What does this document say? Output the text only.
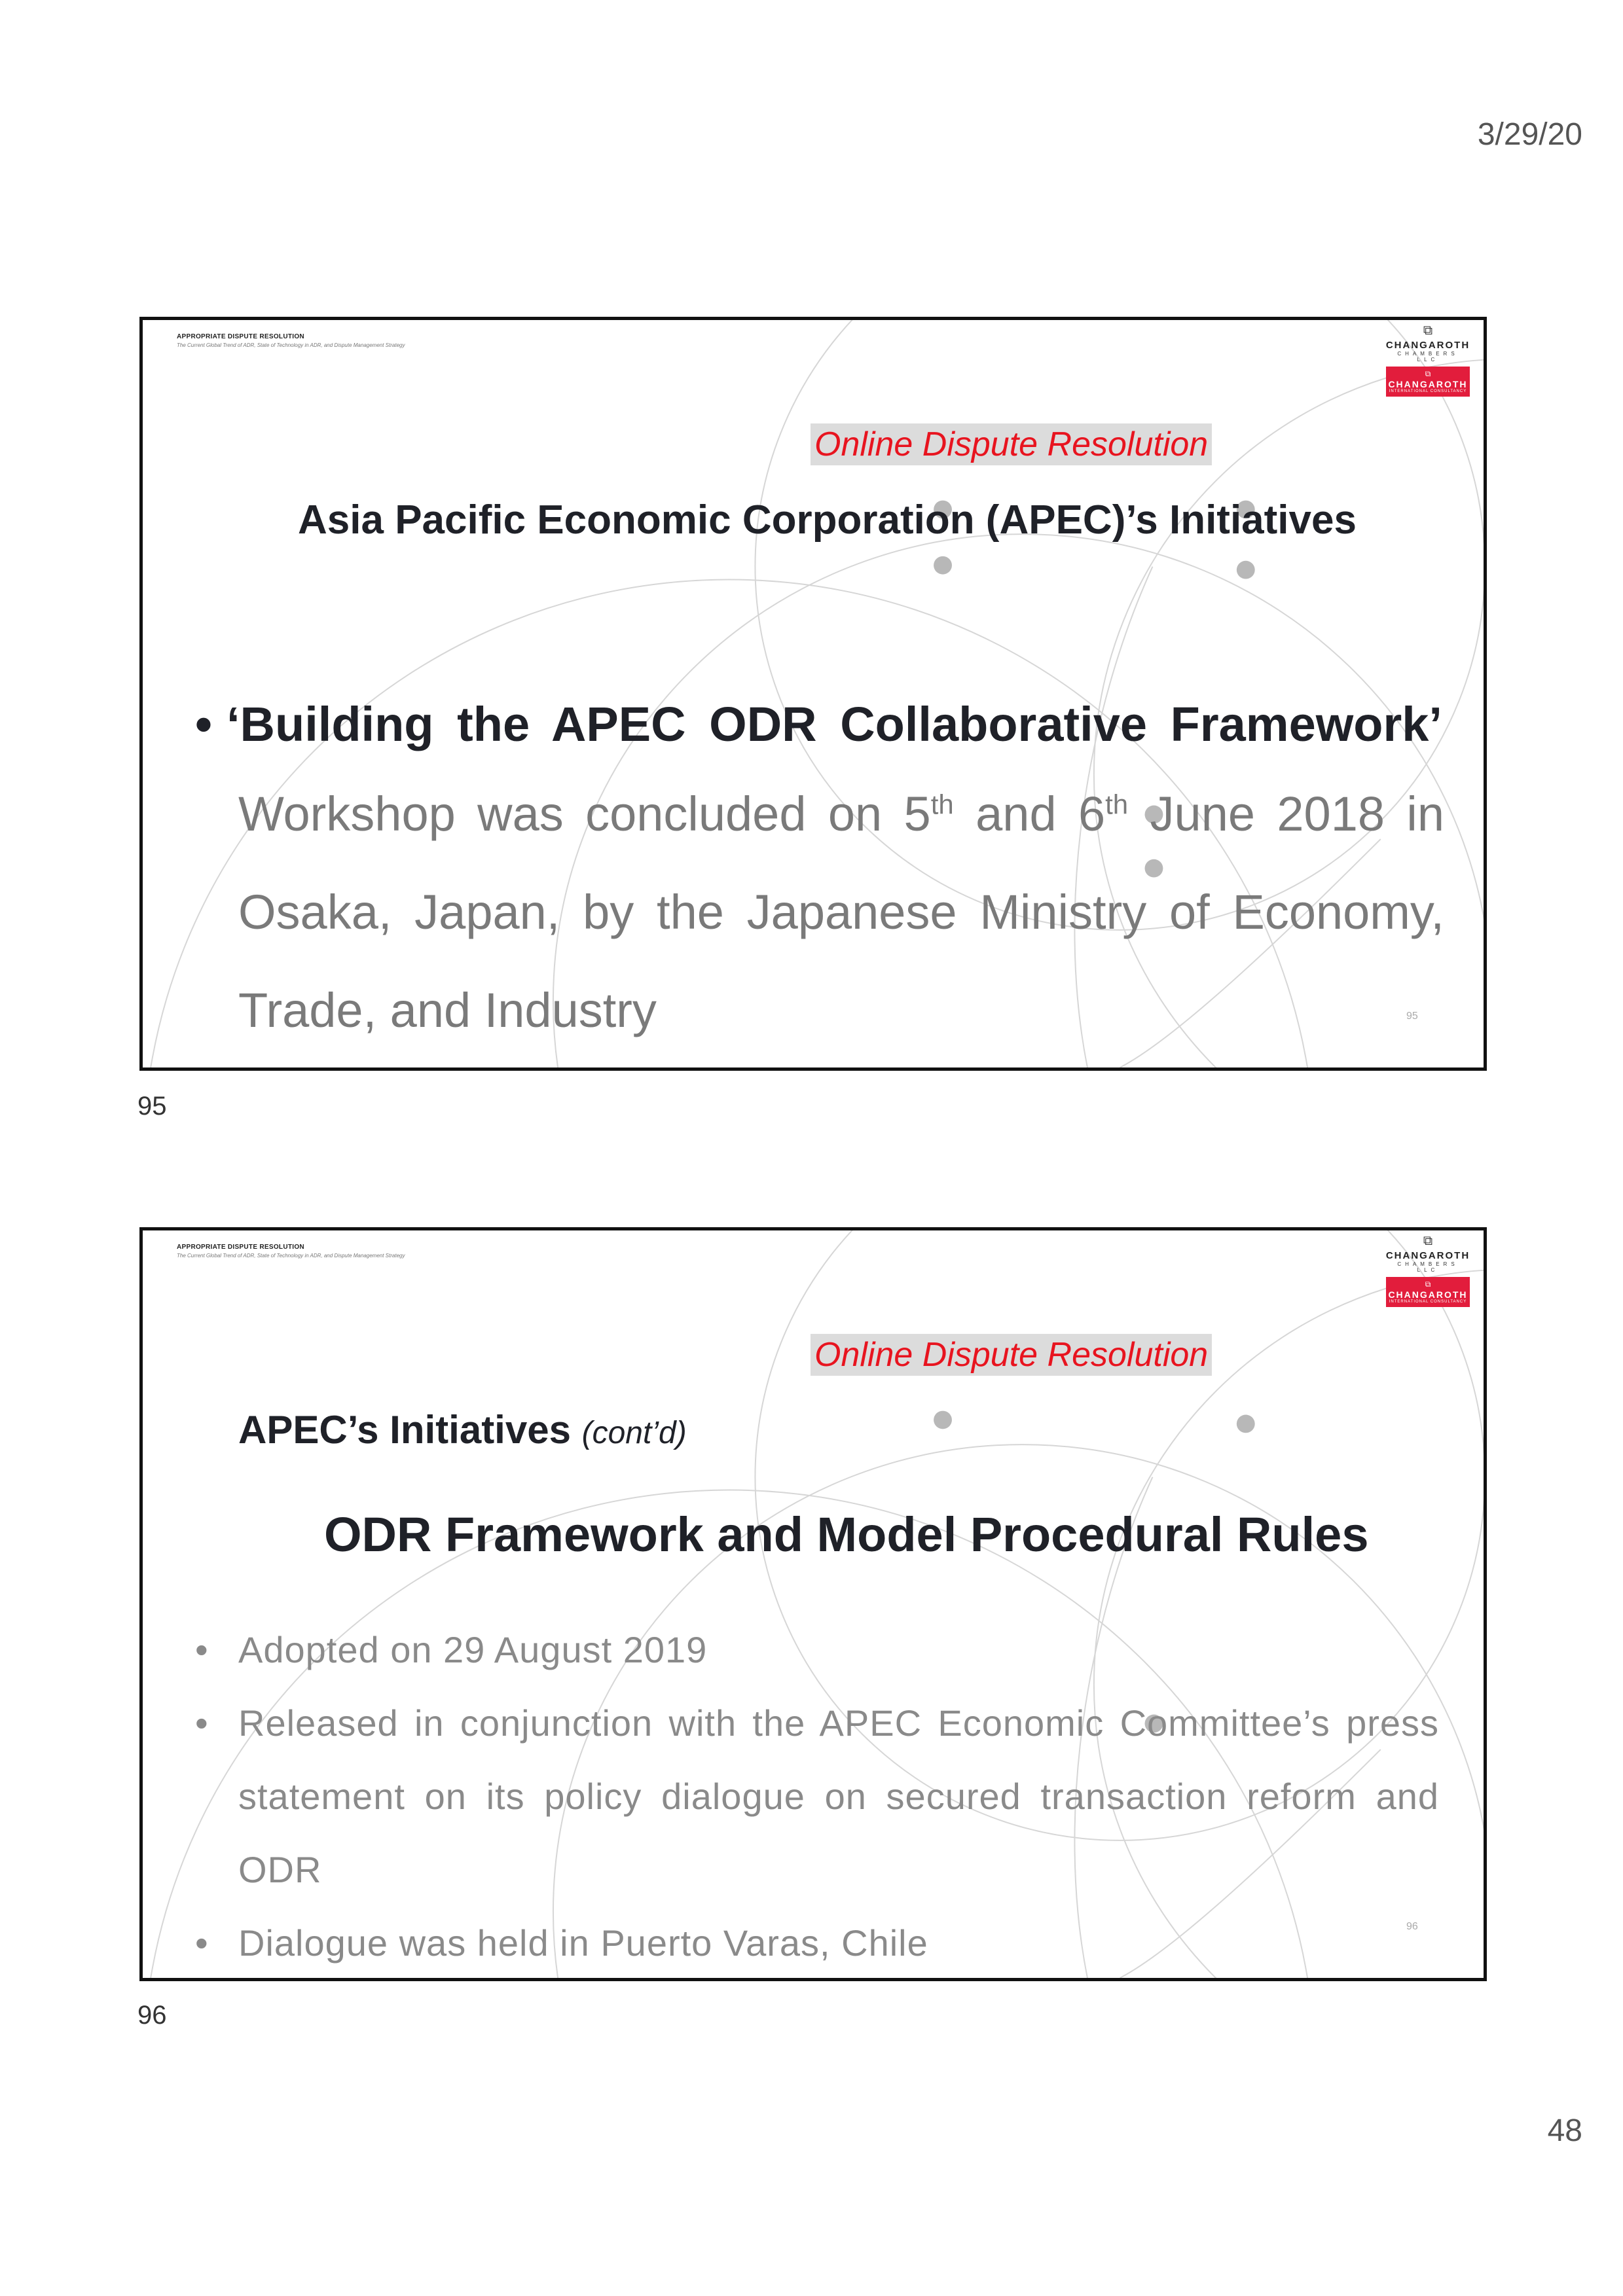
3/29/20
APPROPRIATE DISPUTE RESOLUTION
The Current Global Trend of ADR, State of Technology in ADR, and Dispute Management Strategy
⧉
CHANGAROTH
CHAMBERS LLC
⧉
CHANGAROTH
INTERNATIONAL CONSULTANCY
Online Dispute Resolution
Asia Pacific Economic Corporation (APEC)’s Initiatives
• ‘Building the APEC ODR Collaborative Framework’
Workshop was concluded on 5th and 6th June 2018 in Osaka, Japan, by the Japanese Ministry of Economy, Trade, and Industry	95
95
APPROPRIATE DISPUTE RESOLUTION
The Current Global Trend of ADR, State of Technology in ADR, and Dispute Management Strategy
⧉
CHANGAROTH
CHAMBERS LLC
⧉
CHANGAROTH
INTERNATIONAL CONSULTANCY
Online Dispute Resolution
APEC’s Initiatives (cont’d)
ODR Framework and Model Procedural Rules
• Adopted on 29 August 2019
• Released in conjunction with the APEC Economic Committee’s press statement on its policy dialogue on secured transaction reform and ODR
• Dialogue was held in Puerto Varas, Chile	96
96
48
